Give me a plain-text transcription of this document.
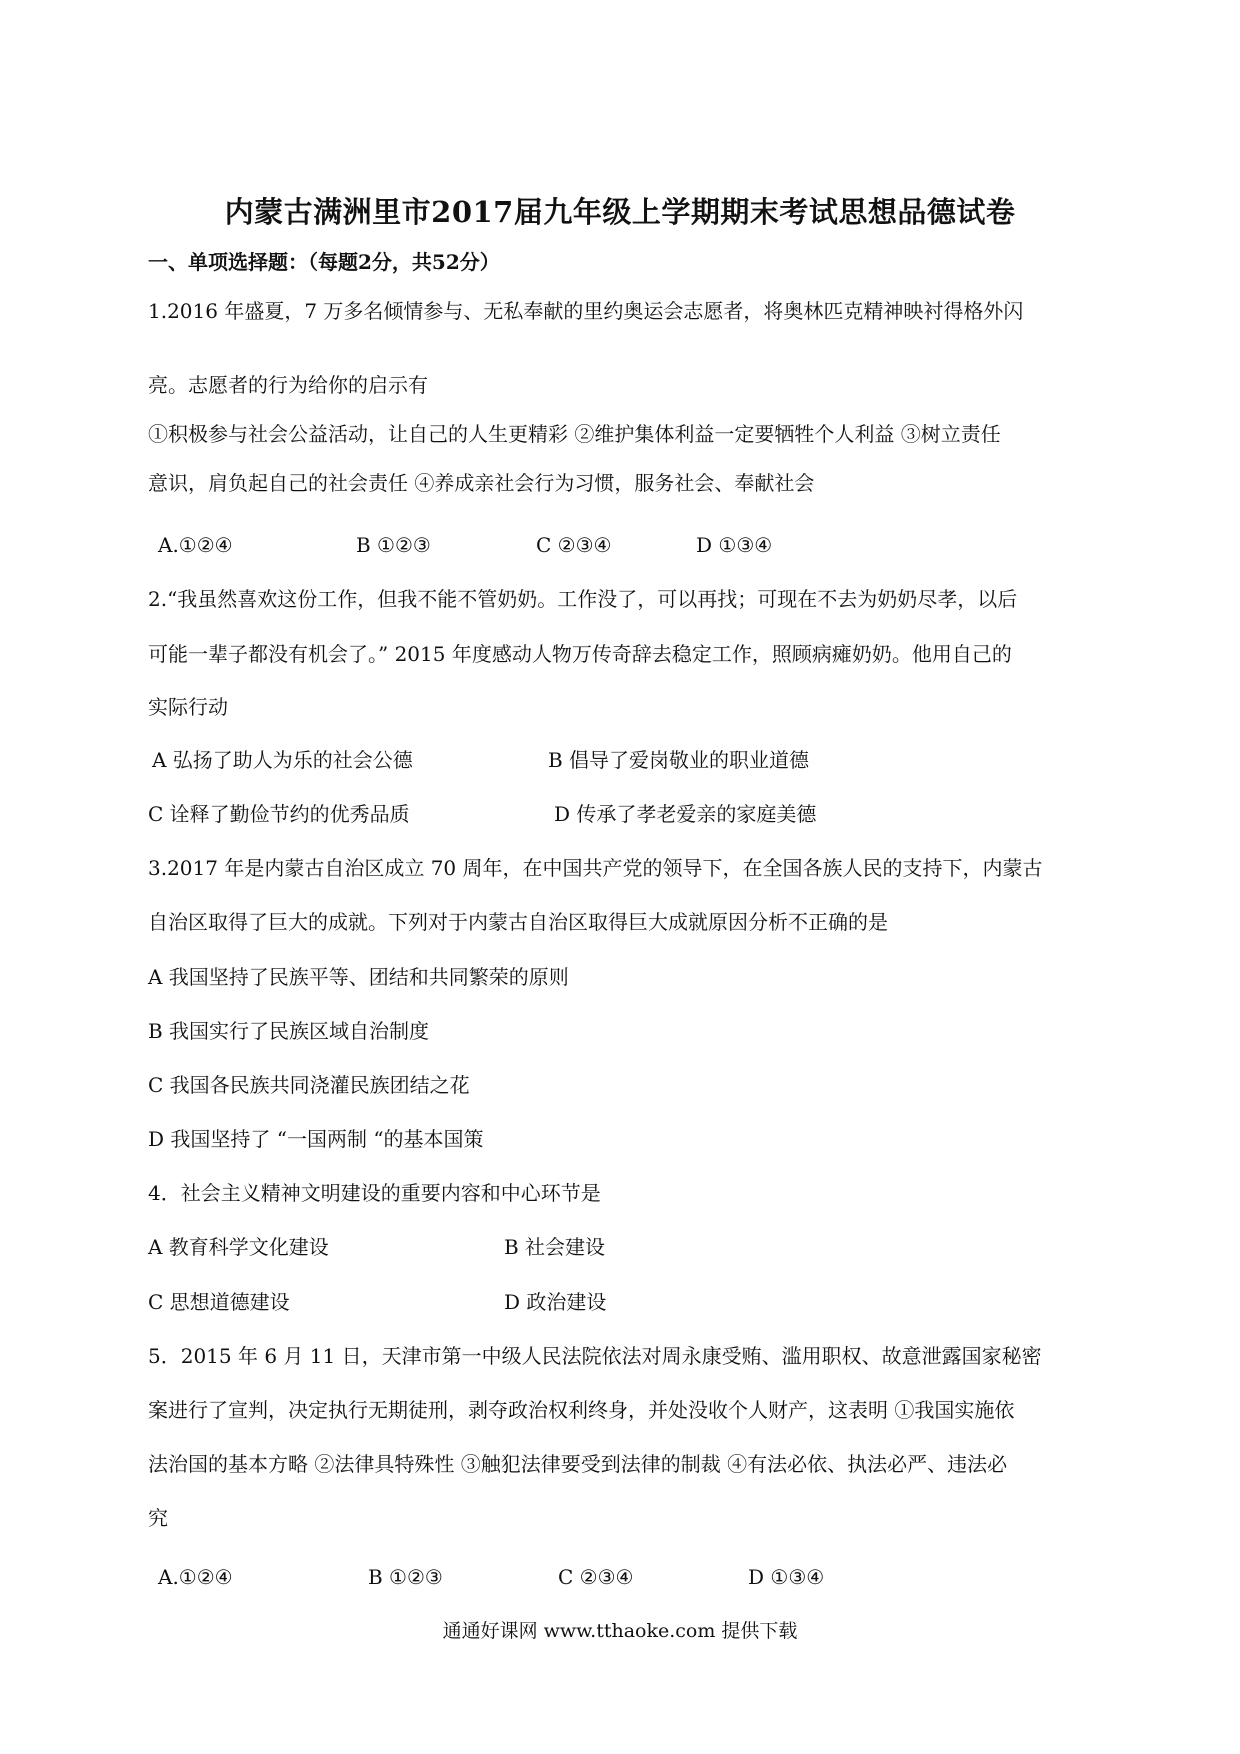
内蒙古满洲里市2017届九年级上学期期末考试思想品德试卷
一、单项选择题：（每题2分，共52分）
1.2016 年盛夏，7 万多名倾情参与、无私奉献的里约奥运会志愿者，将奥林匹克精神映衬得格外闪
亮。志愿者的行为给你的启示有
①积极参与社会公益活动，让自己的人生更精彩 ②维护集体利益一定要牺牲个人利益 ③树立责任
意识，肩负起自己的社会责任 ④养成亲社会行为习惯，服务社会、奉献社会
A.①②④	B ①②③	C ②③④	D ①③④
2.“我虽然喜欢这份工作，但我不能不管奶奶。工作没了，可以再找；可现在不去为奶奶尽孝，以后
可能一辈子都没有机会了。” 2015 年度感动人物万传奇辞去稳定工作，照顾病瘫奶奶。他用自己的
实际行动
A 弘扬了助人为乐的社会公德	B 倡导了爱岗敬业的职业道德
C 诠释了勤俭节约的优秀品质	D 传承了孝老爱亲的家庭美德
3.2017 年是内蒙古自治区成立 70 周年，在中国共产党的领导下，在全国各族人民的支持下，内蒙古
自治区取得了巨大的成就。下列对于内蒙古自治区取得巨大成就原因分析不正确的是
A 我国坚持了民族平等、团结和共同繁荣的原则
B 我国实行了民族区域自治制度
C 我国各民族共同浇灌民族团结之花
D 我国坚持了 “一国两制 “的基本国策
4．社会主义精神文明建设的重要内容和中心环节是
A 教育科学文化建设	B 社会建设
C 思想道德建设	D 政治建设
5．2015 年 6 月 11 日，天津市第一中级人民法院依法对周永康受贿、滥用职权、故意泄露国家秘密
案进行了宣判，决定执行无期徒刑，剥夺政治权利终身，并处没收个人财产，这表明 ①我国实施依
法治国的基本方略 ②法律具特殊性 ③触犯法律要受到法律的制裁 ④有法必依、执法必严、违法必
究
A.①②④	B ①②③	C ②③④	D ①③④
通通好课网 www.tthaoke.com 提供下载
